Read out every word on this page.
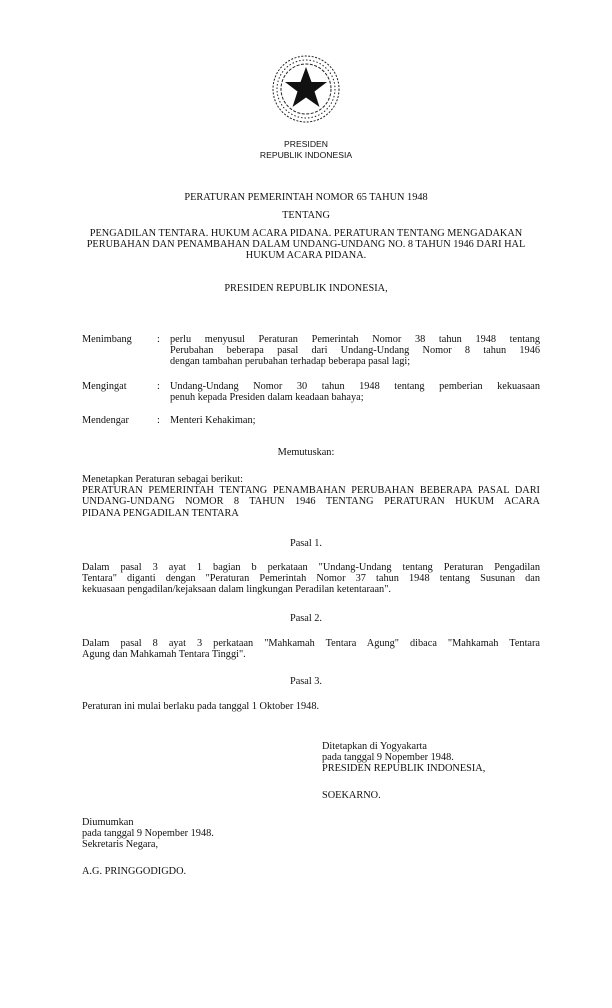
PRESIDEN
REPUBLIK INDONESIA
PERATURAN PEMERINTAH NOMOR 65 TAHUN 1948
TENTANG
PENGADILAN TENTARA. HUKUM ACARA PIDANA. PERATURAN TENTANG MENGADAKAN
PERUBAHAN DAN PENAMBAHAN DALAM UNDANG-UNDANG NO. 8 TAHUN 1946 DARI HAL
HUKUM ACARA PIDANA.
PRESIDEN REPUBLIK INDONESIA,
Menimbang : perlu menyusul Peraturan Pemerintah Nomor 38 tahun 1948 tentang
Perubahan beberapa pasal dari Undang-Undang Nomor 8 tahun 1946
dengan tambahan perubahan terhadap beberapa pasal lagi;
Mengingat	: Undang-Undang Nomor 30 tahun 1948 tentang pemberian kekuasaan
penuh kepada Presiden dalam keadaan bahaya;
Mendengar	: Menteri Kehakiman;
Memutuskan:
Menetapkan Peraturan sebagai berikut:
PERATURAN PEMERINTAH TENTANG PENAMBAHAN PERUBAHAN BEBERAPA PASAL DARI
UNDANG-UNDANG NOMOR 8 TAHUN 1946 TENTANG PERATURAN HUKUM ACARA
PIDANA PENGADILAN TENTARA
Pasal 1.
Dalam pasal 3 ayat 1 bagian b perkataan "Undang-Undang tentang Peraturan Pengadilan
Tentara" diganti dengan "Peraturan Pemerintah Nomor 37 tahun 1948 tentang Susunan dan
kekuasaan pengadilan/kejaksaan dalam lingkungan Peradilan ketentaraan".
Pasal 2.
Dalam pasal 8 ayat 3 perkataan "Mahkamah Tentara Agung" dibaca "Mahkamah Tentara
Agung dan Mahkamah Tentara Tinggi".
Pasal 3.
Peraturan ini mulai berlaku pada tanggal 1 Oktober 1948.
Ditetapkan di Yogyakarta
pada tanggal 9 Nopember 1948.
PRESIDEN REPUBLIK INDONESIA,
SOEKARNO.
Diumumkan
pada tanggal 9 Nopember 1948.
Sekretaris Negara,
A.G. PRINGGODIGDO.
